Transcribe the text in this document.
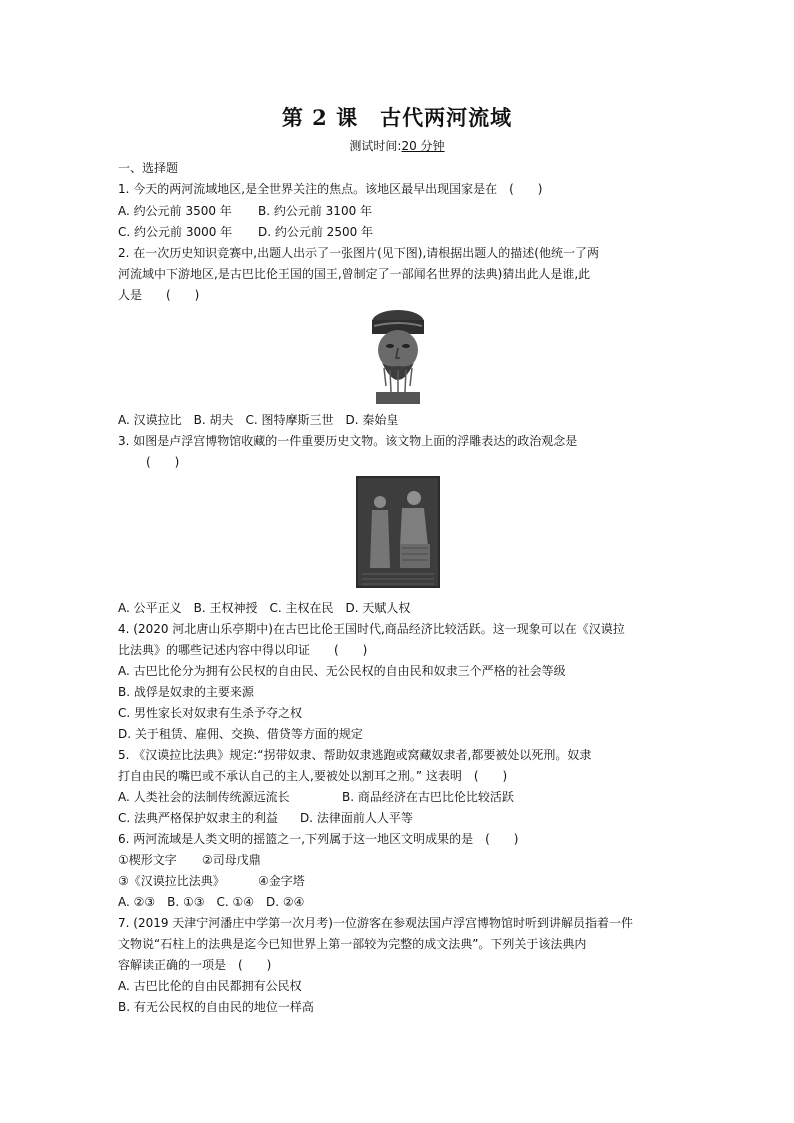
第 2 课　古代两河流域
测试时间:20 分钟
一、选择题
1. 今天的两河流域地区,是全世界关注的焦点。该地区最早出现国家是在　(　　)
A. 约公元前 3500 年 B. 约公元前 3100 年
C. 约公元前 3000 年 D. 约公元前 2500 年
2. 在一次历史知识竞赛中,出题人出示了一张图片(见下图),请根据出题人的描述(他统一了两
河流域中下游地区,是古巴比伦王国的国王,曾制定了一部闻名世界的法典)猜出此人是谁,此
人是　　(　　)
A. 汉谟拉比　B. 胡夫　C. 图特摩斯三世　D. 秦始皇
3. 如图是卢浮宫博物馆收藏的一件重要历史文物。该文物上面的浮雕表达的政治观念是
(　　)
A. 公平正义　B. 王权神授　C. 主权在民　D. 天赋人权
4. (2020 河北唐山乐亭期中)在古巴比伦王国时代,商品经济比较活跃。这一现象可以在《汉谟拉
比法典》的哪些记述内容中得以印证　　(　　)
A. 古巴比伦分为拥有公民权的自由民、无公民权的自由民和奴隶三个严格的社会等级
B. 战俘是奴隶的主要来源
C. 男性家长对奴隶有生杀予夺之权
D. 关于租赁、雇佣、交换、借贷等方面的规定
5. 《汉谟拉比法典》规定:“拐带奴隶、帮助奴隶逃跑或窝藏奴隶者,都要被处以死刑。奴隶
打自由民的嘴巴或不承认自己的主人,要被处以割耳之刑。” 这表明　(　　)
A. 人类社会的法制传统源远流长	B. 商品经济在古巴比伦比较活跃
C. 法典严格保护奴隶主的利益 D. 法律面前人人平等
6. 两河流域是人类文明的摇篮之一,下列属于这一地区文明成果的是　(　　)
①楔形文字 ②司母戊鼎
③《汉谟拉比法典》	④金字塔
A. ②③　B. ①③　C. ①④　D. ②④
7. (2019 天津宁河潘庄中学第一次月考)一位游客在参观法国卢浮宫博物馆时听到讲解员指着一件
文物说“石柱上的法典是迄今已知世界上第一部较为完整的成文法典”。下列关于该法典内
容解读正确的一项是　(　　)
A. 古巴比伦的自由民都拥有公民权
B. 有无公民权的自由民的地位一样高
